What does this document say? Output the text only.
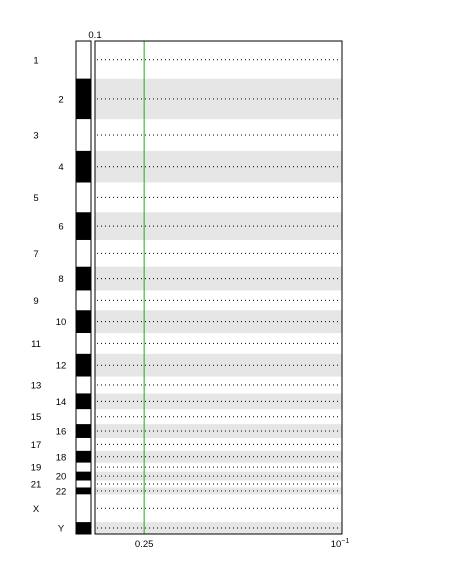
1
2
3
4
5
6
7
8
9
10
11
12
13
14
15
16
17
18
19
20
21
22
X
Y
0.1
0.25	$10^{-1}$
